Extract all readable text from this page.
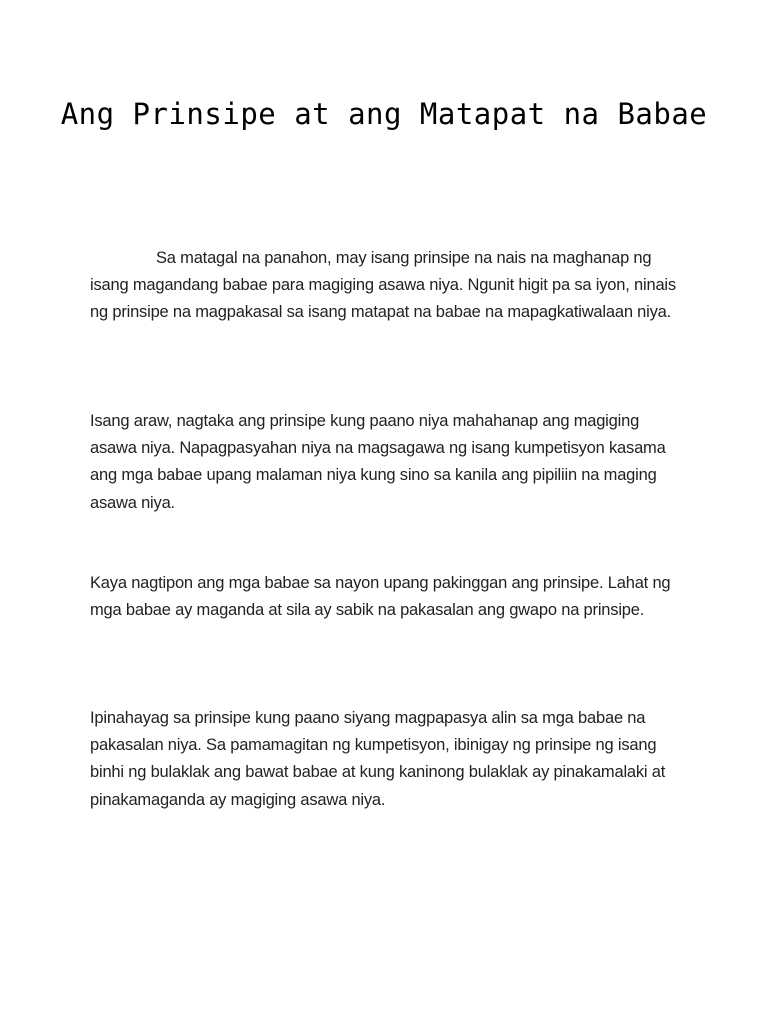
Ang Prinsipe at ang Matapat na Babae

Sa matagal na panahon, may isang prinsipe na nais na maghanap ng isang magandang babae para magiging asawa niya. Ngunit higit pa sa iyon, ninais ng prinsipe na magpakasal sa isang matapat na babae na mapagkatiwalaan niya.

Isang araw, nagtaka ang prinsipe kung paano niya mahahanap ang magiging asawa niya. Napagpasyahan niya na magsagawa ng isang kumpetisyon kasama ang mga babae upang malaman niya kung sino sa kanila ang pipiliin na maging asawa niya.

Kaya nagtipon ang mga babae sa nayon upang pakinggan ang prinsipe. Lahat ng mga babae ay maganda at sila ay sabik na pakasalan ang gwapo na prinsipe.

Ipinahayag sa prinsipe kung paano siyang magpapasya alin sa mga babae na pakasalan niya. Sa pamamagitan ng kumpetisyon, ibinigay ng prinsipe ng isang binhi ng bulaklak ang bawat babae at kung kaninong bulaklak ay pinakamalaki at pinakamaganda ay magiging asawa niya.
